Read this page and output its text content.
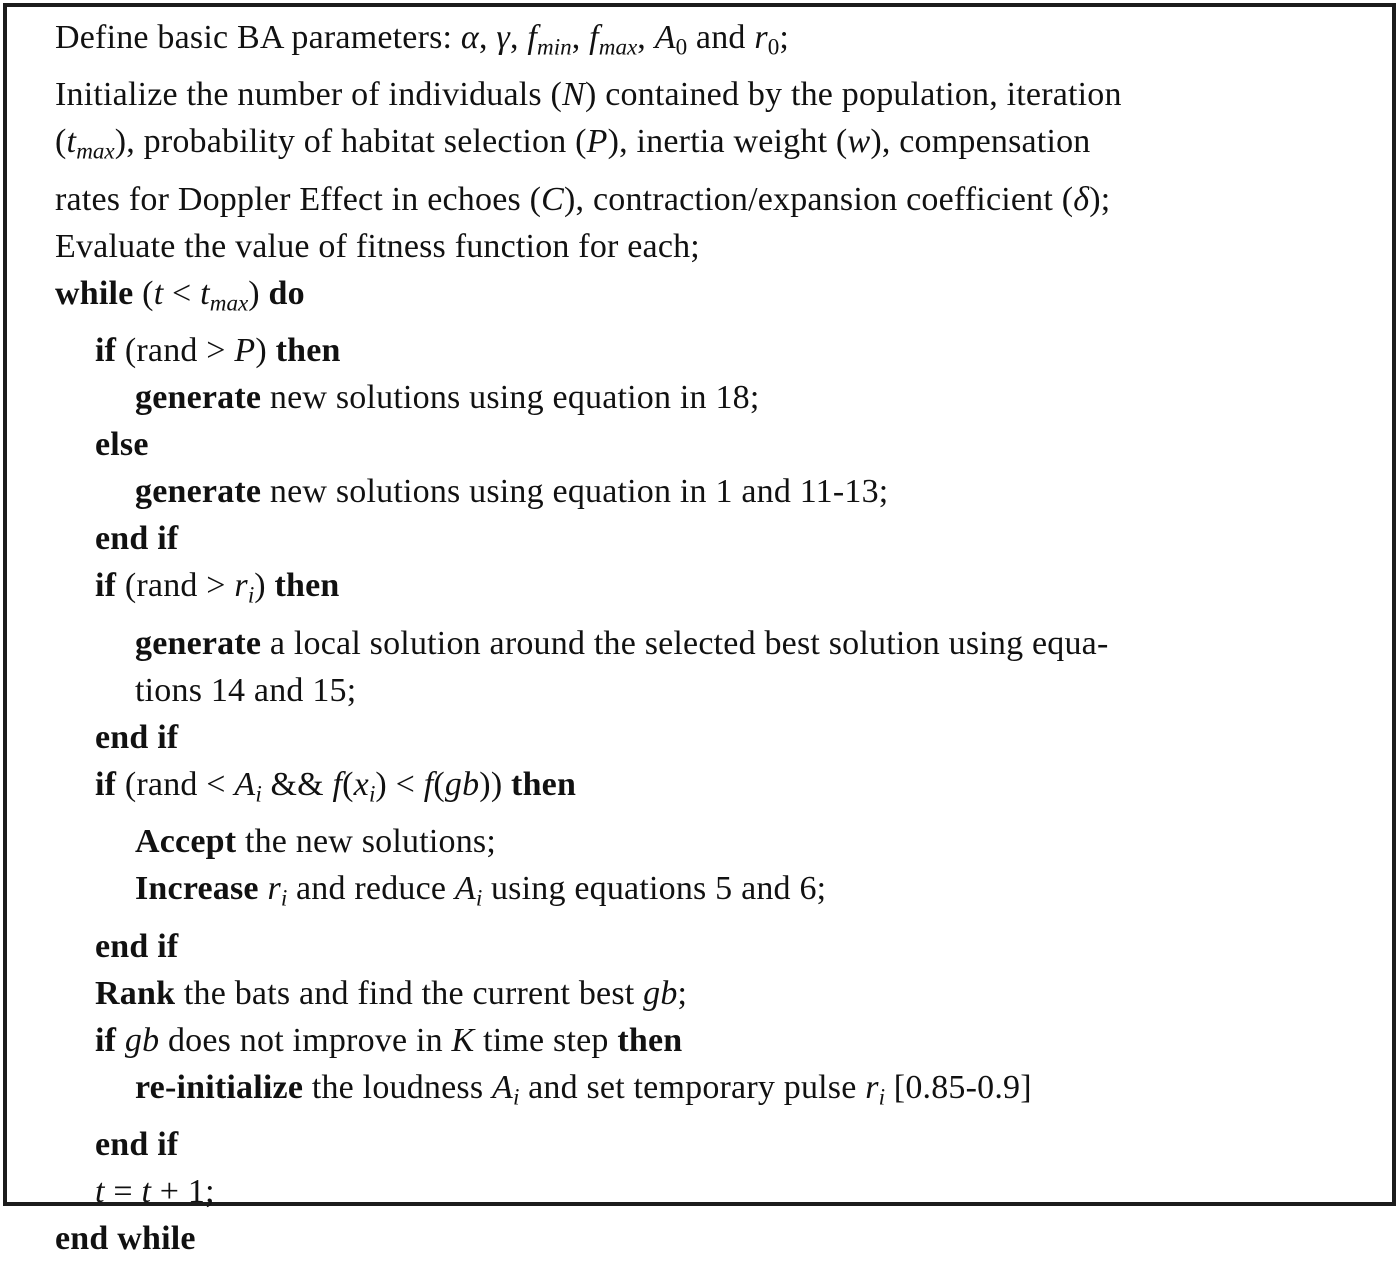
Define basic BA parameters: α, γ, fmin, fmax, A0 and r0;
Initialize the number of individuals (N) contained by the population, iteration
(tmax), probability of habitat selection (P), inertia weight (w), compensation
rates for Doppler Effect in echoes (C), contraction/expansion coefficient (δ);
Evaluate the value of fitness function for each;
while (t < tmax) do
if (rand > P) then
generate new solutions using equation in 18;
else
generate new solutions using equation in 1 and 11-13;
end if
if (rand > ri) then
generate a local solution around the selected best solution using equa-
tions 14 and 15;
end if
if (rand < Ai && f(xi) < f(gb)) then
Accept the new solutions;
Increase ri and reduce Ai using equations 5 and 6;
end if
Rank the bats and find the current best gb;
if gb does not improve in K time step then
re-initialize the loudness Ai and set temporary pulse ri [0.85-0.9]
end if
t = t + 1;
end while
